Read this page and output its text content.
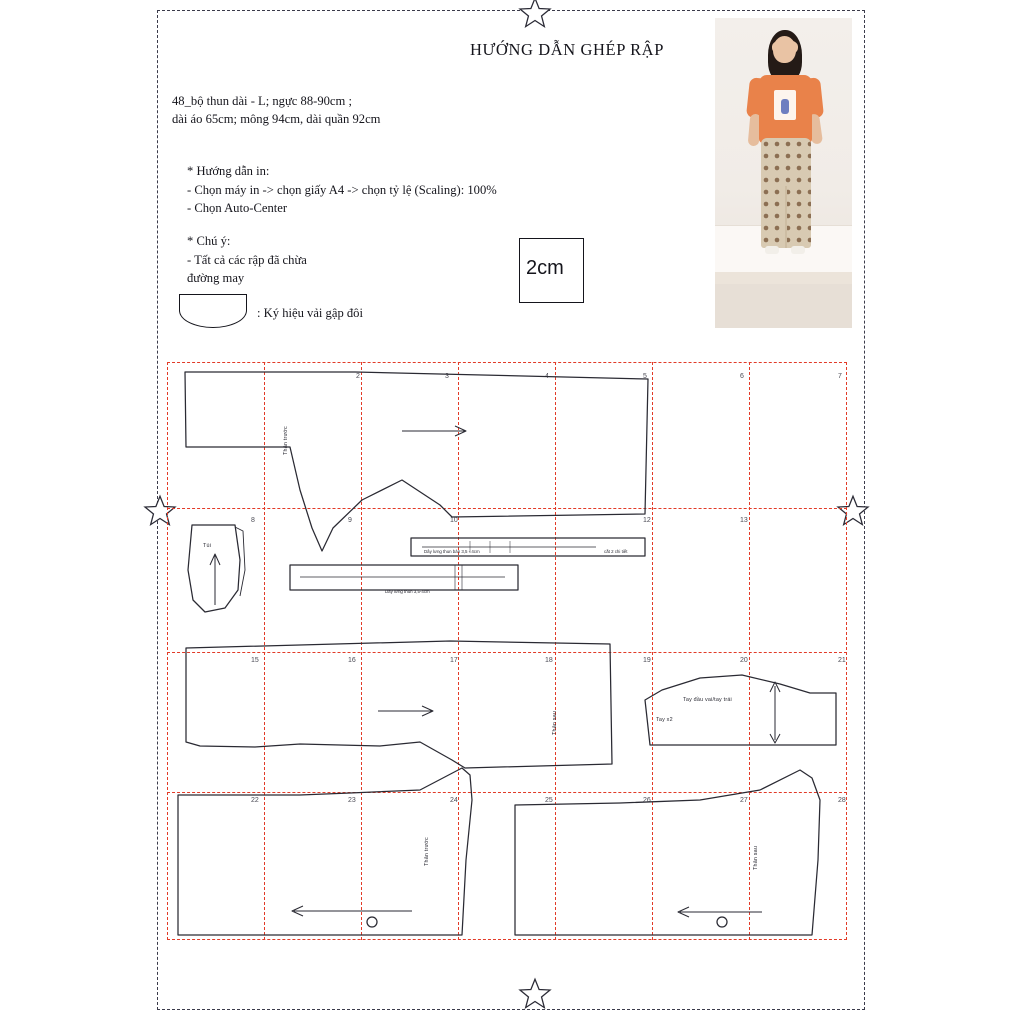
HƯỚNG DẪN GHÉP RẬP
48_bộ thun dài - L; ngực 88-90cm ;
dài áo 65cm; mông 94cm, dài quần 92cm
* Hướng dẫn in:
- Chọn máy in -> chọn giấy A4 -> chọn tỷ lệ (Scaling): 100%
- Chọn Auto-Center
* Chú ý:
- Tất cả các rập đã chừa
đường may
: Ký hiệu vải gập đôi
2cm
2	3	4	5	6	7
8	9	10	12	13
15	16	17	18	19	20	21
22	23	24	25	26	27	28
Thân trước
Thân sau
Túi
Tay x2
Tay đầu vai/tay trái
Thân trước	Thân sau
Dây lưng thun bản 3,5 - 4cm	cắt 2 chi tiết
Dây lưng thun 3,5-4cm
